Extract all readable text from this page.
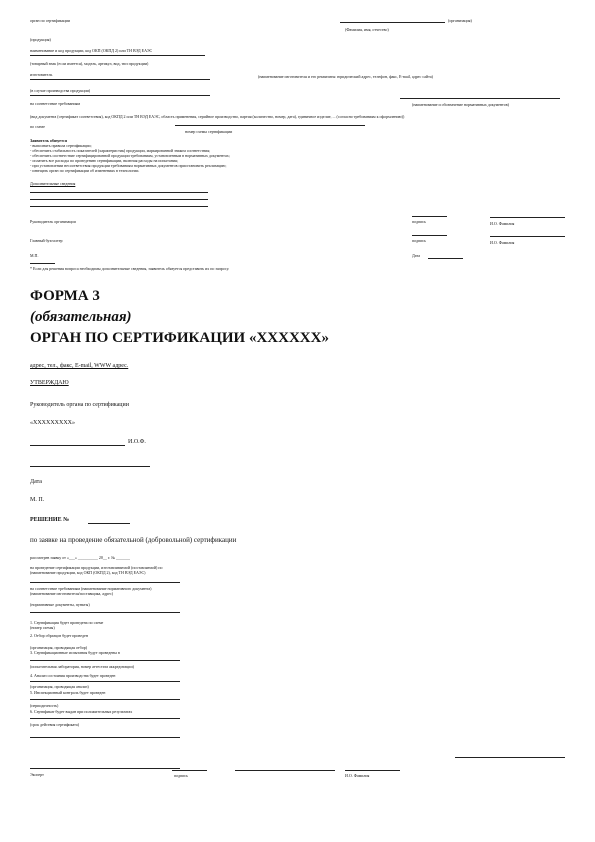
орган по сертификации	(организация)
(Фамилия, имя, отчество)
(продукция)
наименование и код продукции, код ОКП (ОКПД 2) или ТН ВЭД ЕАЭС
(товарный знак (если имеется), модель, артикул, вид, тип продукции)
изготовитель	(наименование изготовителя и его реквизиты: юридический адрес, телефон, факс, E-mail, адрес сайта)
(в случае производства продукции)
на соответствие требованиям	(наименование и обозначение нормативных документов)
(вид документа (сертификат соответствия), код ОКПД 2 или ТН ВЭД ЕАЭС, область применения, серийное производство, партия (количество, номер, дата), единичное изделие, ... (согласно требованиям к оформлению))
по схеме
номер схемы сертификации
Заявитель обязуется
- выполнять правила сертификации;
- обеспечить стабильность показателей (характеристик) продукции, маркированной знаком соответствия;
- обеспечить соответствие сертифицированной продукции требованиям, установленным в нормативных документах;
- оплатить все расходы по проведению сертификации, включая расходы на испытания;
- при установлении несоответствия продукции требованиям нормативных документов приостановить реализацию;
- извещать орган по сертификации об изменениях в технологии.
Дополнительные сведения
Руководитель организации	подпись	И.О. Фамилия
Главный бухгалтер	подпись	И.О. Фамилия
М.П.	Дата
* Если для решения вопроса необходимы дополнительные сведения, заявитель обязуется представить их по запросу.
ФОРМА 3
(обязательная)
ОРГАН ПО СЕРТИФИКАЦИИ «XXXXXX»
адрес, тел., факс, E-mail, WWW адрес.
УТВЕРЖДАЮ
Руководитель органа по сертификации
«XXXXXXXXX»
И.О.Ф.
Дата
М. П.
РЕШЕНИЕ №
по заявке на проведение обязательной (добровольной) сертификации
рассмотрев заявку от «___» __________ 20__ г. № _______
на проведение сертификации продукции, изготавливаемой (поставляемой) по
(наименование продукции, код ОКП (ОКПД 2), код ТН ВЭД ЕАЭС)
на соответствие требованиям (наименование нормативного документа)
(наименование изготовителя/поставщика, адрес)
(нормативные документы, пункты)
1. Сертификация будет проведена по схеме
(номер схемы)
2. Отбор образцов будет проведен
(организация, проводящая отбор)
3. Сертификационные испытания будут проведены в
(испытательная лаборатория, номер аттестата аккредитации)
4. Анализ состояния производства будет проведен
(организация, проводящая анализ)
5. Инспекционный контроль будет проведен
(периодичность)
6. Сертификат будет выдан при положительных результатах
(срок действия сертификата)
Эксперт	подпись	И.О. Фамилия
